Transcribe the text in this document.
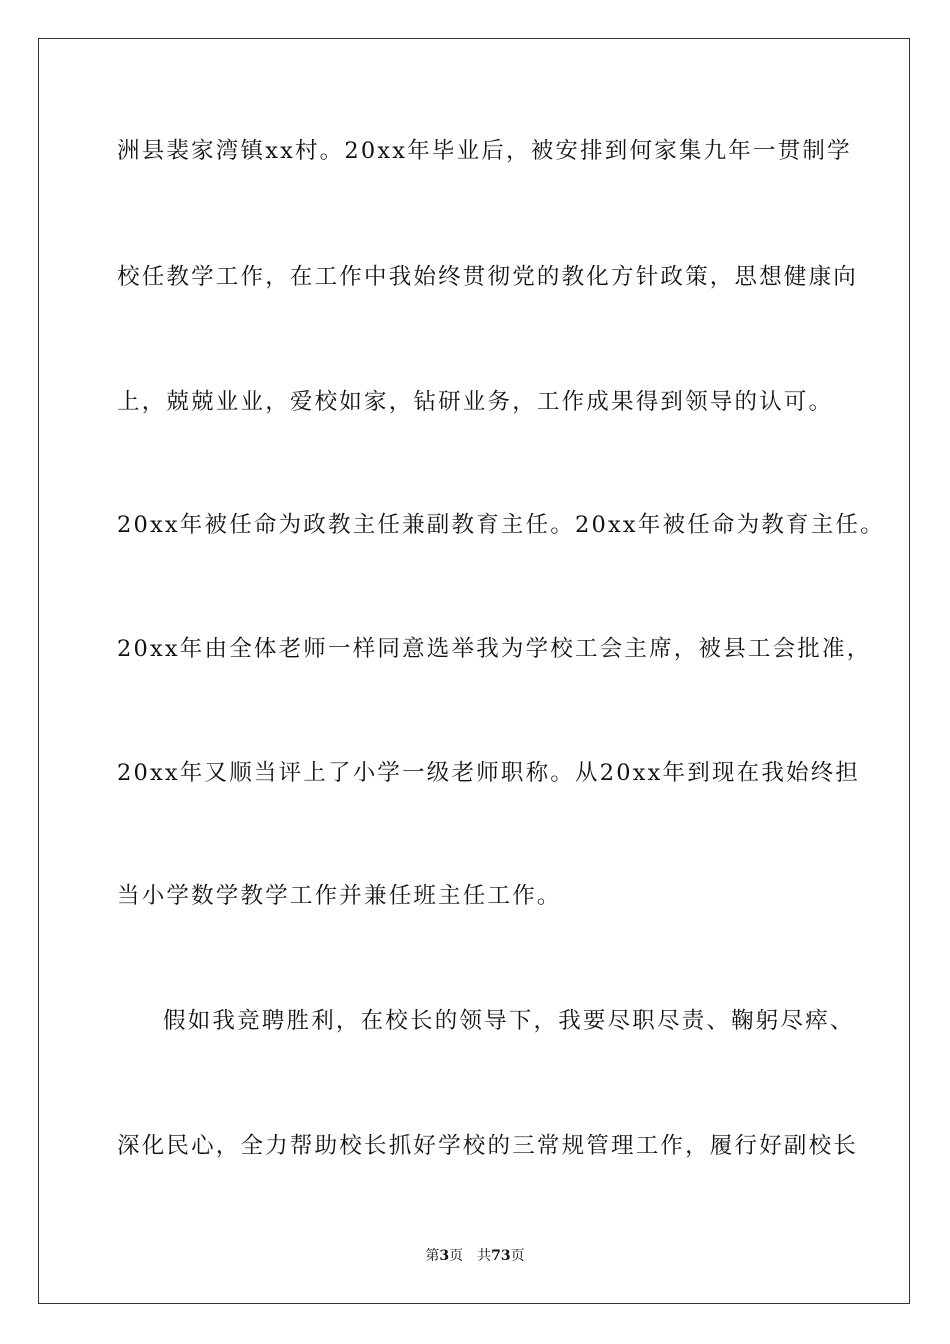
洲县裴家湾镇xx村。20xx年毕业后，被安排到何家集九年一贯制学
校任教学工作，在工作中我始终贯彻党的教化方针政策，思想健康向
上，兢兢业业，爱校如家，钻研业务，工作成果得到领导的认可。
20xx年被任命为政教主任兼副教育主任。20xx年被任命为教育主任。
20xx年由全体老师一样同意选举我为学校工会主席，被县工会批准，
20xx年又顺当评上了小学一级老师职称。从20xx年到现在我始终担
当小学数学教学工作并兼任班主任工作。
假如我竞聘胜利，在校长的领导下，我要尽职尽责、鞠躬尽瘁、
深化民心，全力帮助校长抓好学校的三常规管理工作，履行好副校长
第3页 共73页
